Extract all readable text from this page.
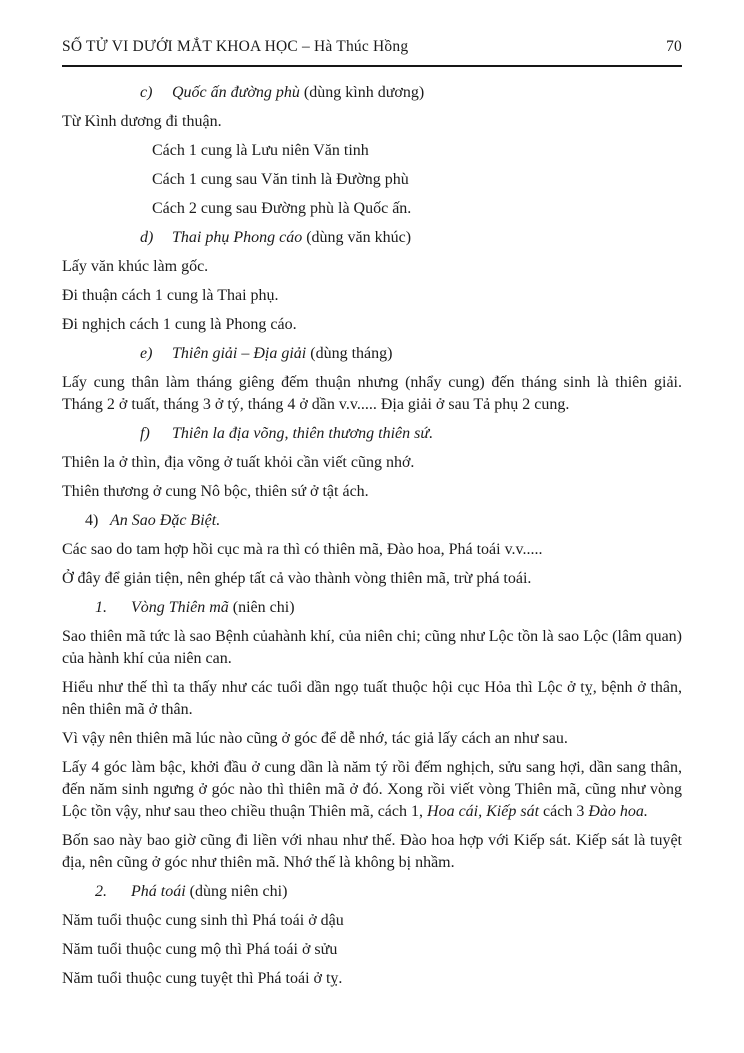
SỐ TỬ VI DƯỚI MẮT KHOA HỌC – Hà Thúc Hồng	70

c) Quốc ấn đường phù (dùng kình dương)

Từ Kình dương đi thuận.

Cách 1 cung là Lưu niên Văn tinh

Cách 1 cung sau Văn tinh là Đường phù

Cách 2 cung sau Đường phù là Quốc ấn.

d) Thai phụ Phong cáo (dùng văn khúc)

Lấy văn khúc làm gốc.

Đi thuận cách 1 cung là Thai phụ.

Đi nghịch cách 1 cung là Phong cáo.

e) Thiên giải – Địa giải (dùng tháng)

Lấy cung thân làm tháng giêng đếm thuận nhưng (nhẩy cung) đến tháng sinh là thiên giải. Tháng 2 ở tuất, tháng 3 ở tý, tháng 4 ở dần v.v..... Địa giải ở sau Tả phụ 2 cung.

f) Thiên la địa võng, thiên thương thiên sứ.

Thiên la ở thìn, địa võng ở tuất khỏi cần viết cũng nhớ.

Thiên thương ở cung Nô bộc, thiên sứ ở tật ách.

4) An Sao Đặc Biệt.

Các sao do tam hợp hồi cục mà ra thì có thiên mã, Đào hoa, Phá toái v.v.....

Ở đây để giản tiện, nên ghép tất cả vào thành vòng thiên mã, trừ phá toái.

1. Vòng Thiên mã (niên chi)

Sao thiên mã tức là sao Bệnh củahành khí, của niên chi; cũng như Lộc tồn là sao Lộc (lâm quan) của hành khí của niên can.

Hiểu như thế thì ta thấy như các tuổi dần ngọ tuất thuộc hội cục Hỏa thì Lộc ở tỵ, bệnh ở thân, nên thiên mã ở thân.

Vì vậy nên thiên mã lúc nào cũng ở góc để dễ nhớ, tác giả lấy cách an như sau.

Lấy 4 góc làm bậc, khởi đầu ở cung dần là năm tý rồi đếm nghịch, sửu sang hợi, dần sang thân, đến năm sinh ngưng ở góc nào thì thiên mã ở đó. Xong rồi viết vòng Thiên mã, cũng như vòng Lộc tồn vậy, như sau theo chiều thuận Thiên mã, cách 1, Hoa cái, Kiếp sát cách 3 Đào hoa.

Bốn sao này bao giờ cũng đi liền với nhau như thế. Đào hoa hợp với Kiếp sát. Kiếp sát là tuyệt địa, nên cũng ở góc như thiên mã. Nhớ thế là không bị nhầm.

2. Phá toái (dùng niên chi)

Năm tuổi thuộc cung sinh thì Phá toái ở dậu

Năm tuổi thuộc cung mộ thì Phá toái ở sửu

Năm tuổi thuộc cung tuyệt thì Phá toái ở tỵ.
